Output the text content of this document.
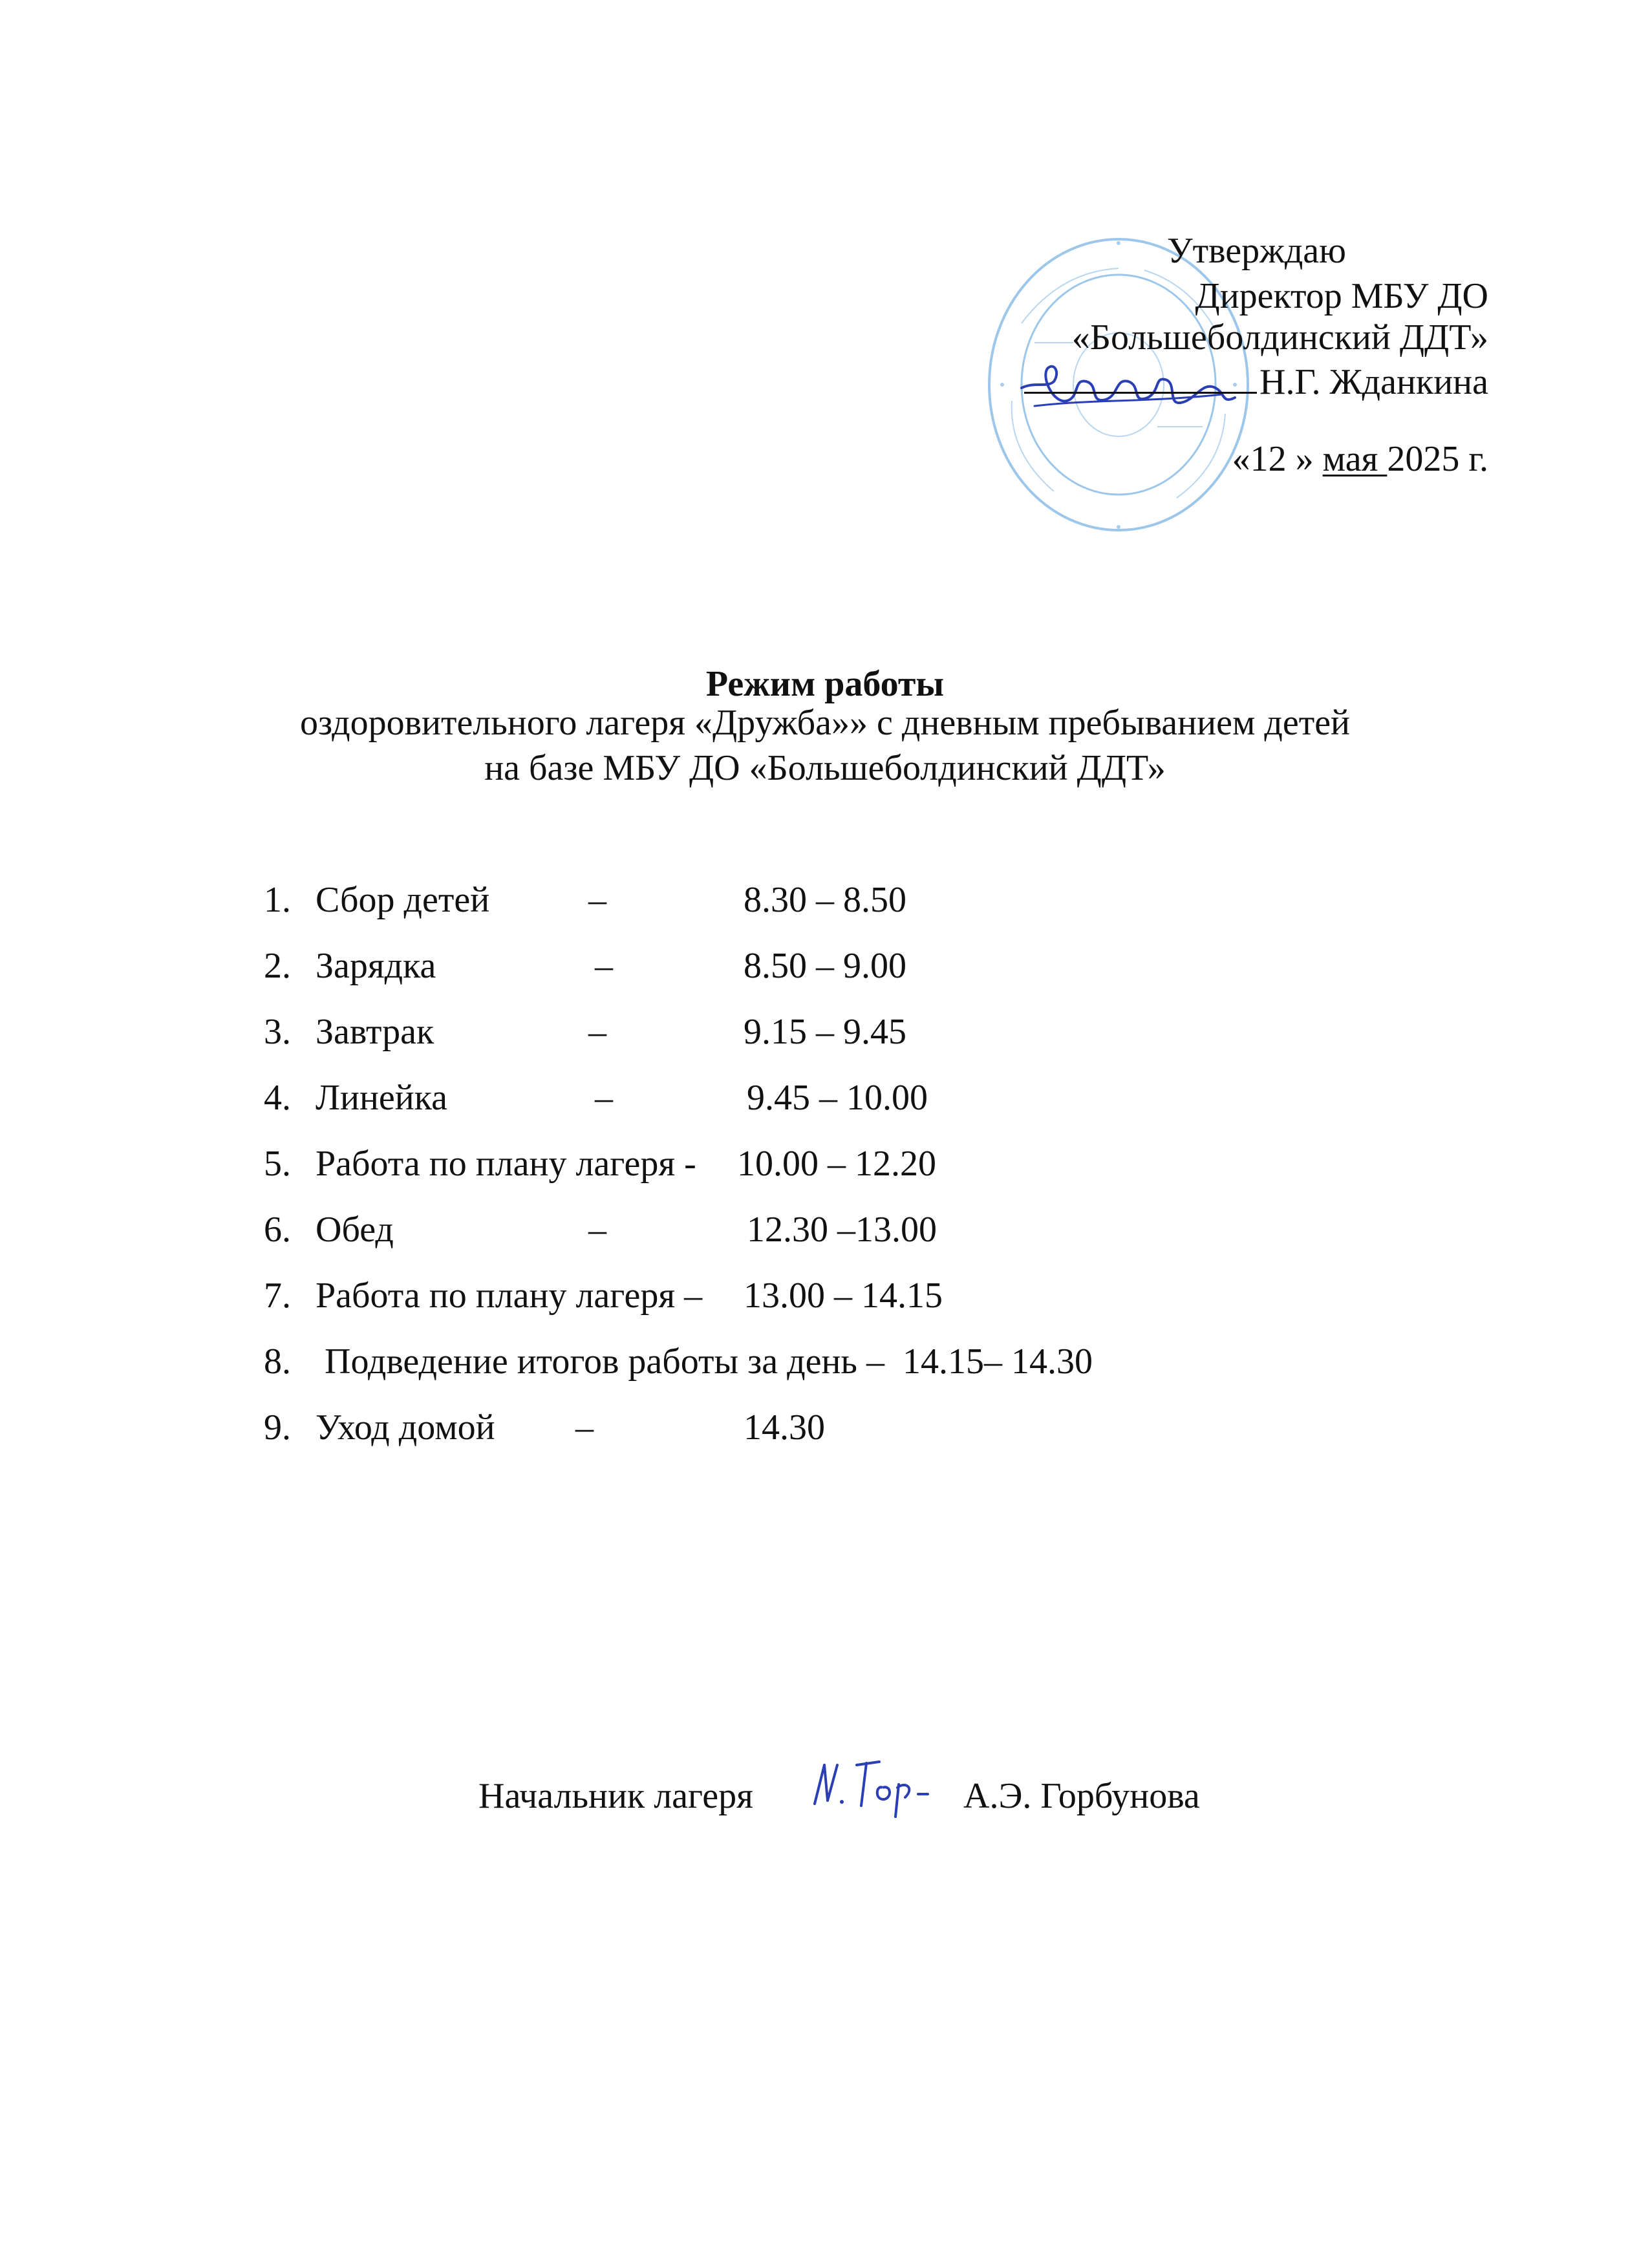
Утверждаю
Директор МБУ ДО
«Большеболдинский ДДТ»
Н.Г. Жданкина
«12 » мая 2025 г.
Режим работы
оздоровительного лагеря «Дружба»» с дневным пребыванием детей
на базе МБУ ДО «Большеболдинский ДДТ»
1. Сбор детей	–	8.30 – 8.50
2. Зарядка	–	8.50 – 9.00
3. Завтрак	–	9.15 – 9.45
4. Линейка	–	9.45 – 10.00
5. Работа по плану лагеря - 10.00 – 12.20
6. Обед	–	12.30 –13.00
7. Работа по плану лагеря – 13.00 – 14.15
8. Подведение итогов работы за день –  14.15– 14.30
9. Уход домой –	14.30
Начальник лагеря	А.Э. Горбунова
